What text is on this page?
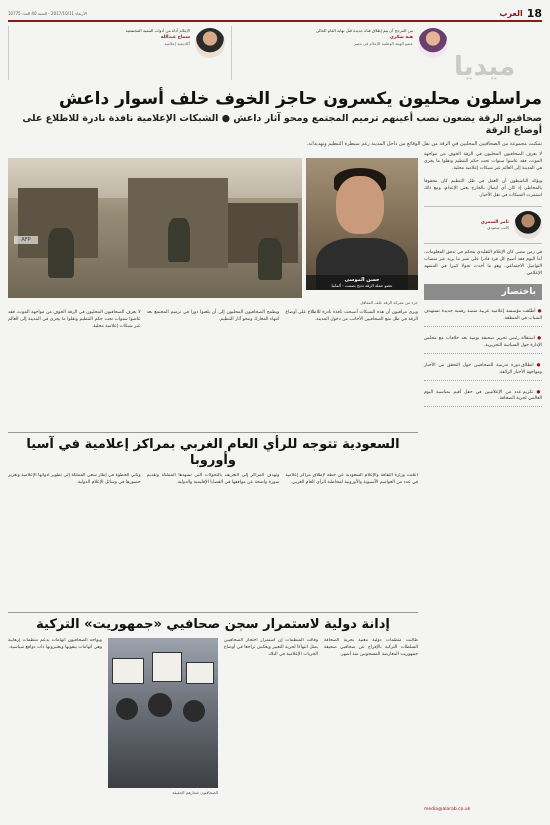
الأربعاء 2017/10/11 - السنة 40 العدد 10775	18
العرب
ميديا
من المرجح أن يتم إطلاق قناة جديدة قبل نهاية العام الحالي
هبة شكري
عضو الهيئة الوطنية للإعلام في مصر
الإعلام أداة من أدوات التنمية المجتمعية
سماح عبدالله
أكاديمية إعلامية
مراسلون محليون يكسرون حاجز الخوف خلف أسوار داعش
صحافيو الرقة يضعون نصب أعينهم ترميم المجتمع ومحو آثار داعش ● الشبكات الإعلامية نافذة نادرة للاطلاع على أوضاع الرقة

تمكنت مجموعة من الصحافيين المحليين في الرقة من نقل الوقائع من داخل المدينة رغم سيطرة التنظيم وتهديداته.

لا يعرف الصحافيون المحليون في الرقة الخوف من مواجهة الموت، فقد عاشوا سنوات تحت حكم التنظيم ونقلوا ما يجري في المدينة إلى العالم عبر شبكات إعلامية محلية.

ويؤكد الناشطون أن العمل في ظل التنظيم كان محفوفا بالمخاطر، إذ كان أي اتصال بالخارج يعني الإعدام، ومع ذلك استمرت الشبكات في نقل الأخبار.

ثامر الشمري
كاتب سعودي

في زمن مضى كان الإعلام التقليدي يتحكم في تدفق المعلومات، أما اليوم فقد أصبح كل فرد قادرا على نشر ما يريد عبر منصات التواصل الاجتماعي، وهو ما أحدث تحولا كبيرا في المشهد الإعلامي.

باختصار
● أطلقت مؤسسة إعلامية عربية منصة رقمية جديدة تستهدف الشباب في المنطقة.
● استقالة رئيس تحرير صحيفة يومية بعد خلافات مع مجلس الإدارة حول السياسة التحريرية.
● انطلاق دورة تدريبية للصحافيين حول التحقق من الأخبار ومواجهة الأخبار الزائفة.
● تكريم عدد من الإعلاميين في حفل أقيم بمناسبة اليوم العالمي لحرية الصحافة.
media@alarab.co.uk
حسن الموسى
عضو حملة الرقة تذبح بصمت - ألمانيا
AFP
جزء من معركة الرقة خلف المعاقل

ويرى مراقبون أن هذه الشبكات أصبحت نافذة نادرة للاطلاع على أوضاع الرقة في ظل منع الصحافيين الأجانب من دخول المدينة.

ويطمح الصحافيون المحليون إلى أن يلعبوا دورا في ترميم المجتمع بعد انتهاء المعارك ومحو آثار التنظيم.

لا يعرف الصحافيون المحليون في الرقة الخوف من مواجهة الموت، فقد عاشوا سنوات تحت حكم التنظيم ونقلوا ما يجري في المدينة إلى العالم عبر شبكات إعلامية محلية.

السعودية تتوجه للرأي العام الغربي بمراكز إعلامية في آسيا وأوروبا

أعلنت وزارة الثقافة والإعلام السعودية عن خطة لإطلاق مراكز إعلامية في عدد من العواصم الآسيوية والأوروبية لمخاطبة الرأي العام الغربي.

وتهدف المراكز إلى التعريف بالتحولات التي تشهدها المملكة وتقديم صورة واضحة عن مواقفها في القضايا الإقليمية والدولية.

وتأتي الخطوة في إطار سعي المملكة إلى تطوير أدواتها الإعلامية وتعزيز حضورها في وسائل الإعلام الدولية.

إدانة دولية لاستمرار سجن صحافيي «جمهوريت» التركية

طالبت منظمات دولية معنية بحرية الصحافة السلطات التركية بالإفراج عن صحافيي صحيفة جمهوريت المعارضة المسجونين منذ أشهر.

وقالت المنظمات إن استمرار احتجاز الصحافيين يمثل انتهاكا لحرية التعبير ويعكس تراجعا في أوضاع الحريات الإعلامية في البلاد.

الصحافيون شعارهم الحقيقة

ويواجه الصحافيون اتهامات بدعم منظمات إرهابية وهي اتهامات ينفونها ويعتبرونها ذات دوافع سياسية.
